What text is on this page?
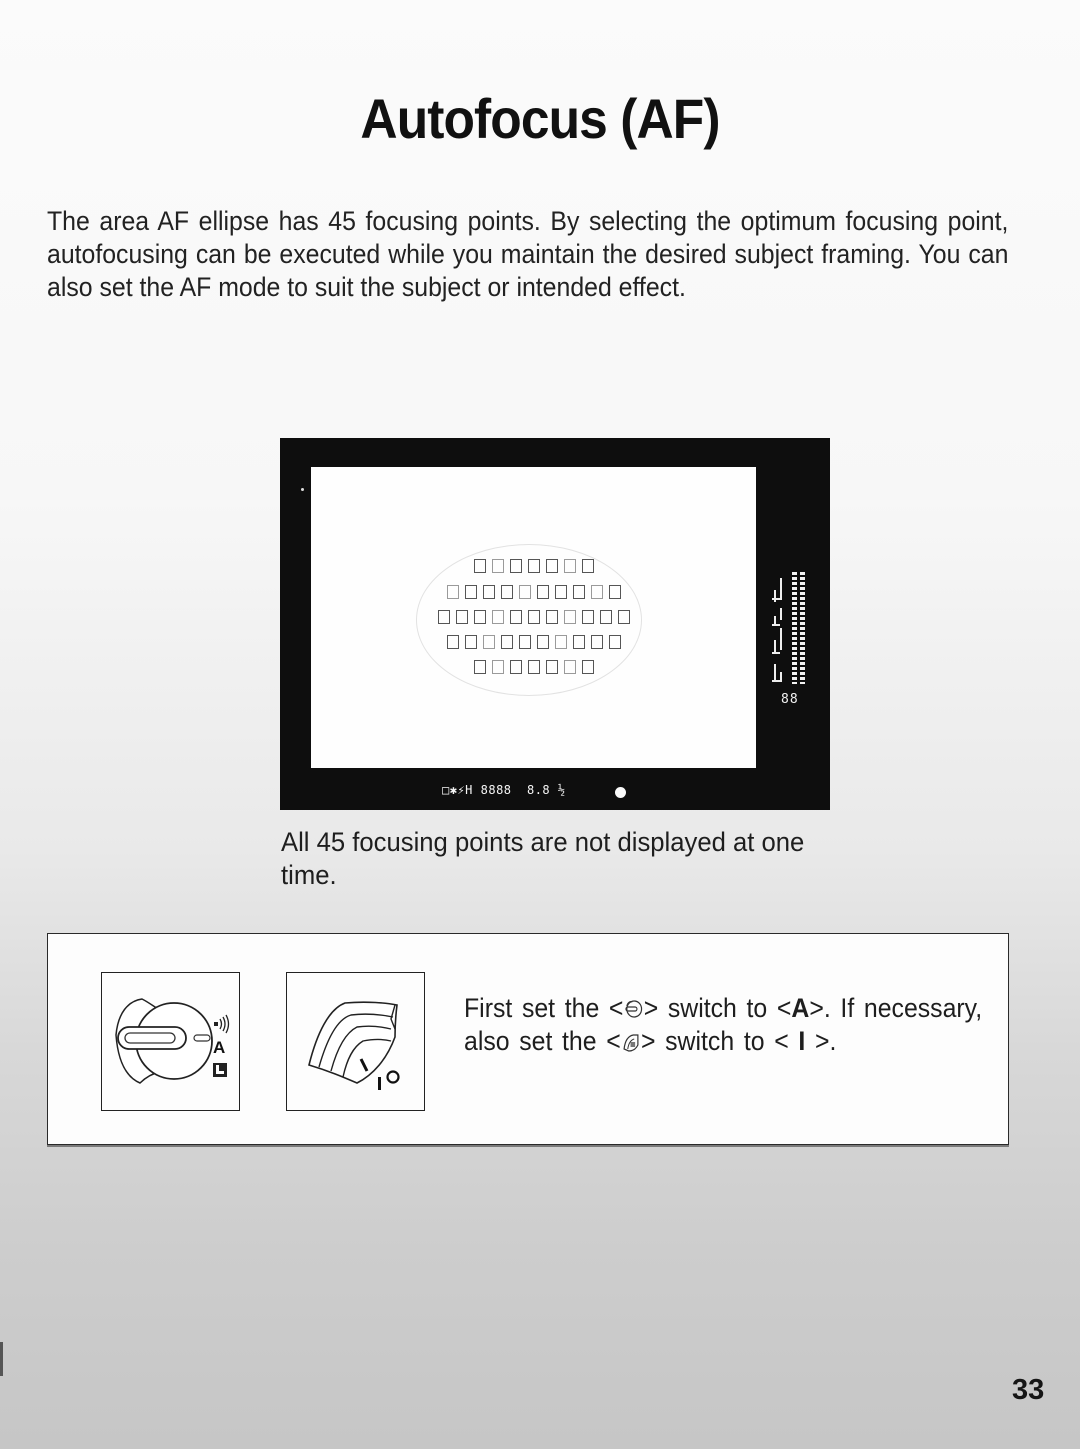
Autofocus (AF)

The area AF ellipse has 45 focusing points. By selecting the optimum focusing point, autofocusing can be executed while you maintain the desired subject framing. You can also set the AF mode to suit the subject or intended effect.

88
□✱⚡H 8888  8.8 ½

All 45 focusing points are not displayed at one time.

A

First set the < > switch to <A>. If necessary, also set the < > switch to < I >.

33
